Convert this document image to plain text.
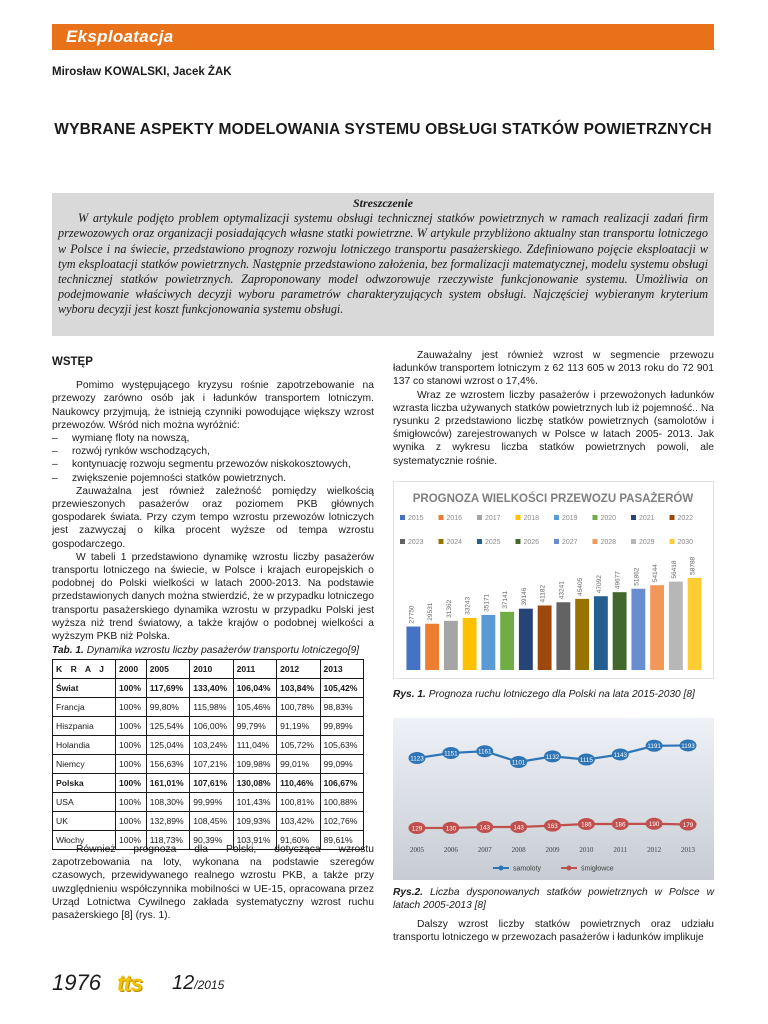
Eksploatacja
Mirosław KOWALSKI, Jacek ŻAK
WYBRANE ASPEKTY MODELOWANIA SYSTEMU OBSŁUGI STATKÓW POWIETRZNYCH
Streszczenie
W artykule podjęto problem optymalizacji systemu obsługi technicznej statków powietrznych w ramach realizacji zadań firm przewozowych oraz organizacji posiadających własne statki powietrzne. W artykule przybliżono aktualny stan transportu lotniczego w Polsce i na świecie, przedstawiono prognozy rozwoju lotniczego transportu pasażerskiego. Zdefiniowano pojęcie eksploatacji w tym eksploatacji statków powietrznych. Następnie przedstawiono założenia, bez formalizacji matematycznej, modelu systemu obsługi technicznej statków powietrznych. Zaproponowany model odwzorowuje rzeczywiste funkcjonowanie systemu. Umożliwia on podejmowanie właściwych decyzji wyboru parametrów charakteryzujących system obsługi. Najczęściej wybieranym kryterium wyboru decyzji jest koszt funkcjonowania systemu obsługi.
WSTĘP

Pomimo występującego kryzysu rośnie zapotrzebowanie na przewozy zarówno osób jak i ładunków transportem lotniczym. Naukowcy przyjmują, że istnieją czynniki powodujące większy wzrost przewozów. Wśród nich można wyróżnić:

– wymianę floty na nowszą,
– rozwój rynków wschodzących,
– kontynuację rozwoju segmentu przewozów niskokosztowych,
– zwiększenie pojemności statków powietrznych.

Zauważalna jest również zależność pomiędzy wielkością przewieszonych pasażerów oraz poziomem PKB głównych gospodarek świata. Przy czym tempo wzrostu przewozów lotniczych jest zazwyczaj o kilka procent wyższe od tempa wzrostu gospodarczego.

W tabeli 1 przedstawiono dynamikę wzrostu liczby pasażerów transportu lotniczego na świecie, w Polsce i krajach europejskich o podobnej do Polski wielkości w latach 2000-2013. Na podstawie przedstawionych danych można stwierdzić, że w przypadku lotniczego transportu pasażerskiego dynamika wzrostu w przypadku Polski jest wyższa niż trend światowy, a także krajów o podobnej wielkości a wyższym PKB niż Polska.

Tab. 1. Dynamika wzrostu liczby pasażerów transportu lotniczego[9]
K R A J	2000	2005	2010	2011	2012	2013
Świat	100%	117,69%	133,40%	106,04%	103,84%	105,42%
Francja	100%	99,80%	115,98%	105,46%	100,78%	98,83%
Hiszpania	100%	125,54%	106,00%	99,79%	91,19%	99,89%
Holandia	100%	125,04%	103,24%	111,04%	105,72%	105,63%
Niemcy	100%	156,63%	107,21%	109,98%	99,01%	99,09%
Polska	100%	161,01%	107,61%	130,08%	110,46%	106,67%
USA	100%	108,30%	99,99%	101,43%	100,81%	100,88%
UK	100%	132,89%	108,45%	109,93%	103,42%	102,76%
Włochy	100%	118,73%	90,39%	103,91%	91,60%	89,61%

Również prognoza dla Polski, dotycząca wzrostu zapotrzebowania na loty, wykonana na podstawie szeregów czasowych, przewidywanego realnego wzrostu PKB, a także przy uwzględnieniu współczynnika mobilności w UE-15, opracowana przez Urząd Lotnictwa Cywilnego zakłada systematyczny wzrost ruchu pasażerskiego [8] (rys. 1).

Zauważalny jest również wzrost w segmencie przewozu ładunków transportem lotniczym z 62 113 605 w 2013 roku do 72 901 137 co stanowi wzrost o 17,4%.

Wraz ze wzrostem liczby pasażerów i przewożonych ładunków wzrasta liczba używanych statków powietrznych lub iż pojemność.. Na rysunku 2 przedstawiono liczbę statków powietrznych (samolotów i śmigłowców) zarejestrowanych w Polsce w latach 2005- 2013. Jak wynika z wykresu liczba statków powietrznych powoli, ale systematycznie rośnie.

PROGNOZA WIELKOŚCI PRZEWOZU PASAŻERÓW
2015	2016	2017	2018	2019	2020	2021	2022
2023	2024	2025	2026	2027	2028	2029	2030
27750 29531 31362 33243 35171 37141 39146 41182 43241 45405 47092 49677 51862 54144 56418 58788
Rys. 1. Prognoza ruchu lotniczego dla Polski na lata 2015-2030 [8]
2005	2006	2007	2008	2009	2010	2011	2012	2013
1123
1151	1161
1101
1132	1115
1143
1191	1193
129	130	143	143	163	186	186	190	179
samoloty	śmigłowce
Rys.2. Liczba dysponowanych statków powietrznych w Polsce w latach 2005-2013 [8]

Dalszy wzrost liczby statków powietrznych oraz udziału transportu lotniczego w przewozach pasażerów i ładunków implikuje

1976 tts 12/2015
